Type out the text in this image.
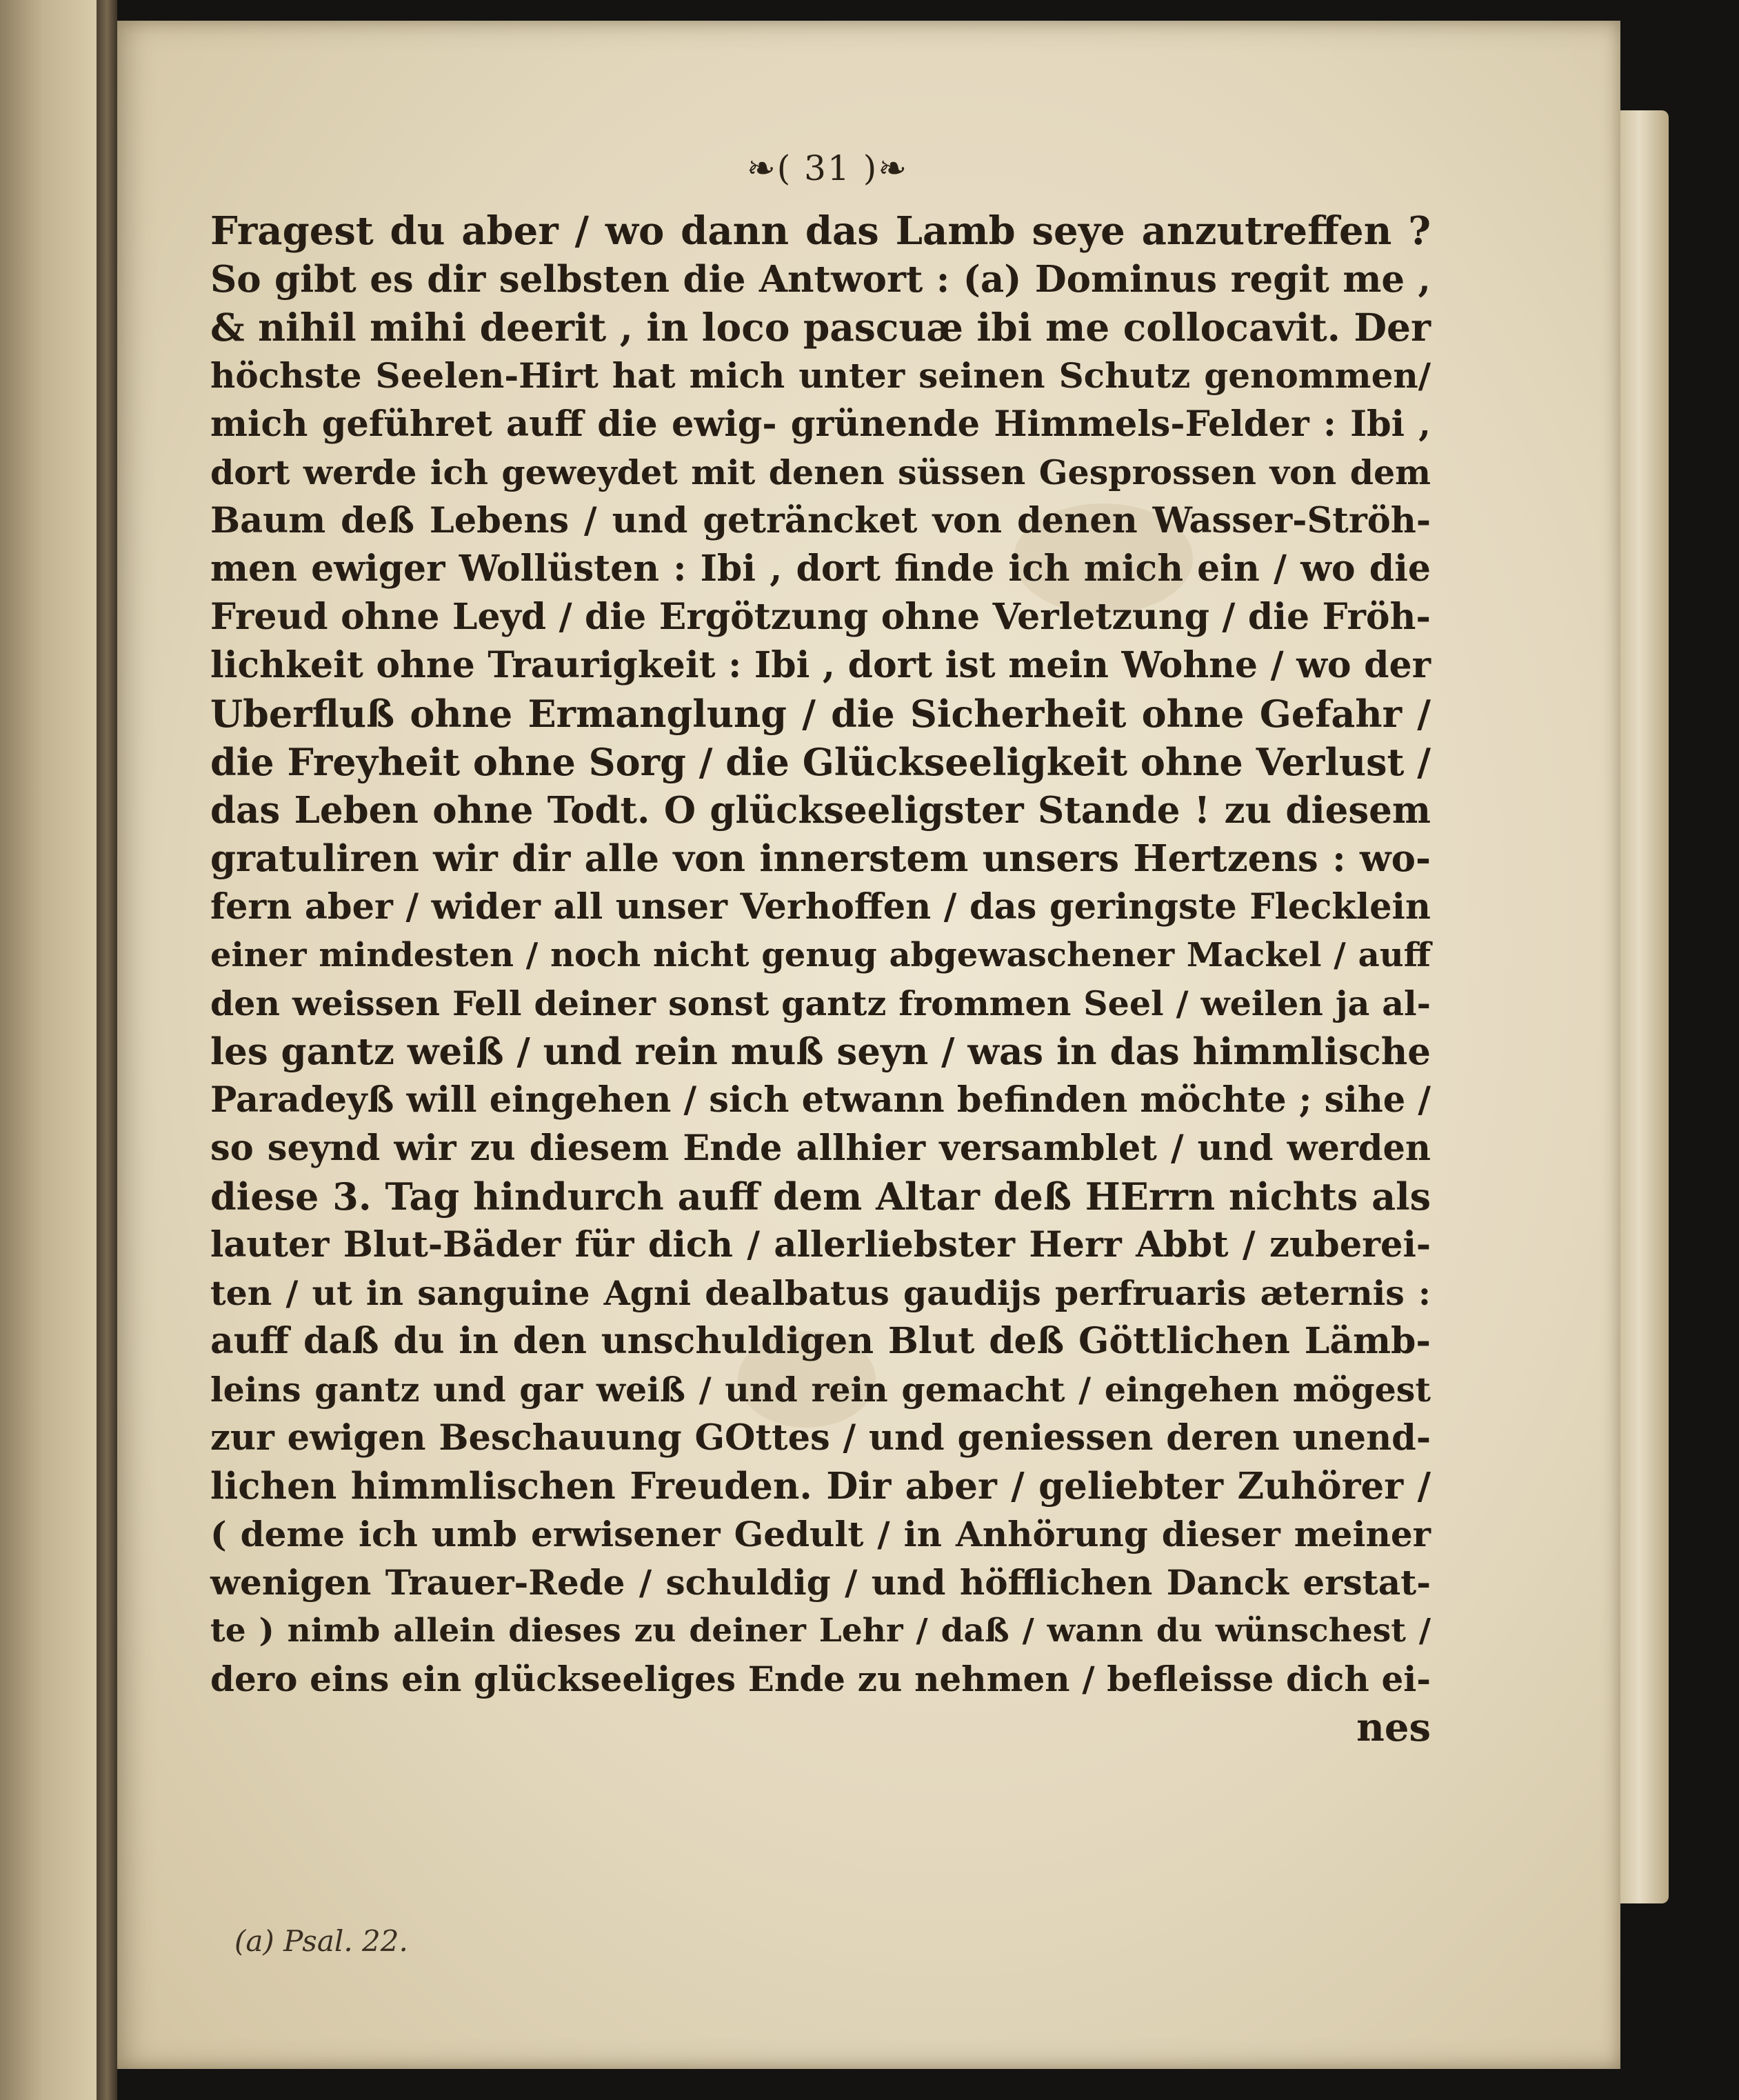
❧( 31 )❧
Fragest du aber / wo dann das Lamb seye anzutreffen ?
So gibt es dir selbsten die Antwort : (a) Dominus regit me ,
& nihil mihi deerit , in loco pascuæ ibi me collocavit. Der
höchste Seelen-Hirt hat mich unter seinen Schutz genommen/
mich geführet auff die ewig- grünende Himmels-Felder : Ibi ,
dort werde ich geweydet mit denen süssen Gesprossen von dem
Baum deß Lebens / und geträncket von denen Wasser-Ströh-
men ewiger Wollüsten : Ibi , dort finde ich mich ein / wo die
Freud ohne Leyd / die Ergötzung ohne Verletzung / die Fröh-
lichkeit ohne Traurigkeit : Ibi , dort ist mein Wohne / wo der
Uberfluß ohne Ermanglung / die Sicherheit ohne Gefahr /
die Freyheit ohne Sorg / die Glückseeligkeit ohne Verlust /
das Leben ohne Todt. O glückseeligster Stande ! zu diesem
gratuliren wir dir alle von innerstem unsers Hertzens : wo-
fern aber / wider all unser Verhoffen / das geringste Flecklein
einer mindesten / noch nicht genug abgewaschener Mackel / auff
den weissen Fell deiner sonst gantz frommen Seel / weilen ja al-
les gantz weiß / und rein muß seyn / was in das himmlische
Paradeyß will eingehen / sich etwann befinden möchte ; sihe /
so seynd wir zu diesem Ende allhier versamblet / und werden
diese 3. Tag hindurch auff dem Altar deß HErrn nichts als
lauter Blut-Bäder für dich / allerliebster Herr Abbt / zuberei-
ten / ut in sanguine Agni dealbatus gaudijs perfruaris æternis :
auff daß du in den unschuldigen Blut deß Göttlichen Lämb-
leins gantz und gar weiß / und rein gemacht / eingehen mögest
zur ewigen Beschauung GOttes / und geniessen deren unend-
lichen himmlischen Freuden. Dir aber / geliebter Zuhörer /
( deme ich umb erwisener Gedult / in Anhörung dieser meiner
wenigen Trauer-Rede / schuldig / und höfflichen Danck erstat-
te ) nimb allein dieses zu deiner Lehr / daß / wann du wünschest /
dero eins ein glückseeliges Ende zu nehmen / befleisse dich ei-
nes
(a) Psal. 22.
